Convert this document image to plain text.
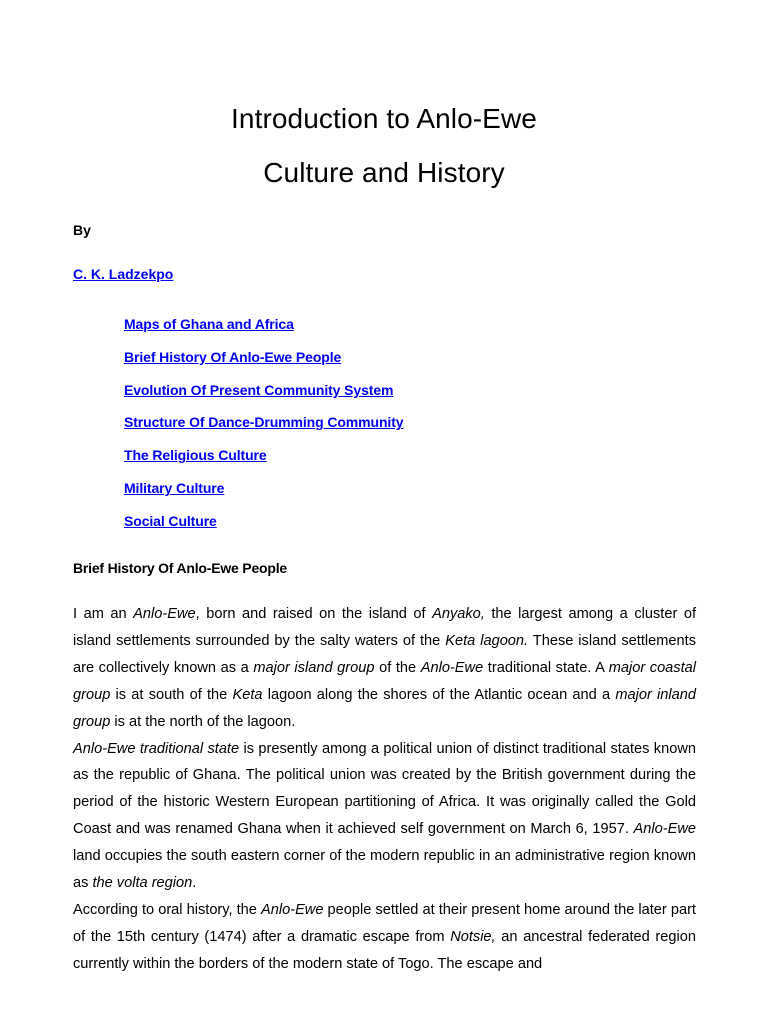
Introduction to Anlo-Ewe
Culture and History
By
C. K. Ladzekpo
Maps of Ghana and Africa
Brief History Of Anlo-Ewe People
Evolution Of Present Community System
Structure Of Dance-Drumming Community
The Religious Culture
Military Culture
Social Culture
Brief History Of Anlo-Ewe People

I am an Anlo-Ewe, born and raised on the island of Anyako, the largest among a cluster of island settlements surrounded by the salty waters of the Keta lagoon. These island settlements are collectively known as a major island group of the Anlo-Ewe traditional state. A major coastal group is at south of the Keta lagoon along the shores of the Atlantic ocean and a major inland group is at the north of the lagoon.

Anlo-Ewe traditional state is presently among a political union of distinct traditional states known as the republic of Ghana. The political union was created by the British government during the period of the historic Western European partitioning of Africa. It was originally called the Gold Coast and was renamed Ghana when it achieved self government on March 6, 1957. Anlo-Ewe land occupies the south eastern corner of the modern republic in an administrative region known as the volta region.

According to oral history, the Anlo-Ewe people settled at their present home around the later part of the 15th century (1474) after a dramatic escape from Notsie, an ancestral federated region currently within the borders of the modern state of Togo. The escape and
